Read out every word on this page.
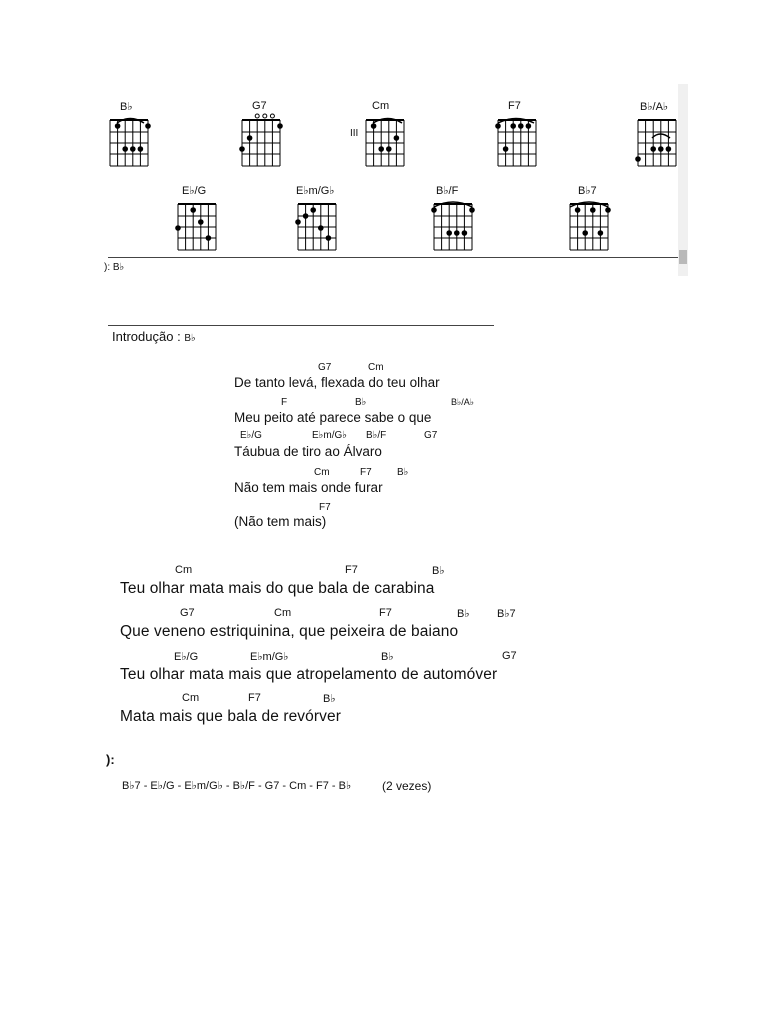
B♭	G7	Cm
III
F7	B♭/A♭
E♭/G	E♭m/G♭	B♭/F	B♭7
): B♭
Introdução : B♭
G7	Cm
De tanto levá, flexada do teu olhar
F	B♭	B♭/A♭
Meu peito até parece sabe o que
E♭/G	E♭m/G♭ B♭/F	G7
Táubua de tiro ao Álvaro
Cm	F7	B♭
Não tem mais onde furar
F7
(Não tem mais)
Cm	F7	B♭
Teu olhar mata mais do que bala de carabina
G7	Cm	F7	B♭ B♭7
Que veneno estriquinina, que peixeira de baiano
E♭/G	E♭m/G♭	B♭	G7
Teu olhar mata mais que atropelamento de automóver
Cm	F7	B♭
Mata mais que bala de revórver
):
B♭7 - E♭/G - E♭m/G♭ - B♭/F - G7 - Cm - F7 - B♭	(2 vezes)
